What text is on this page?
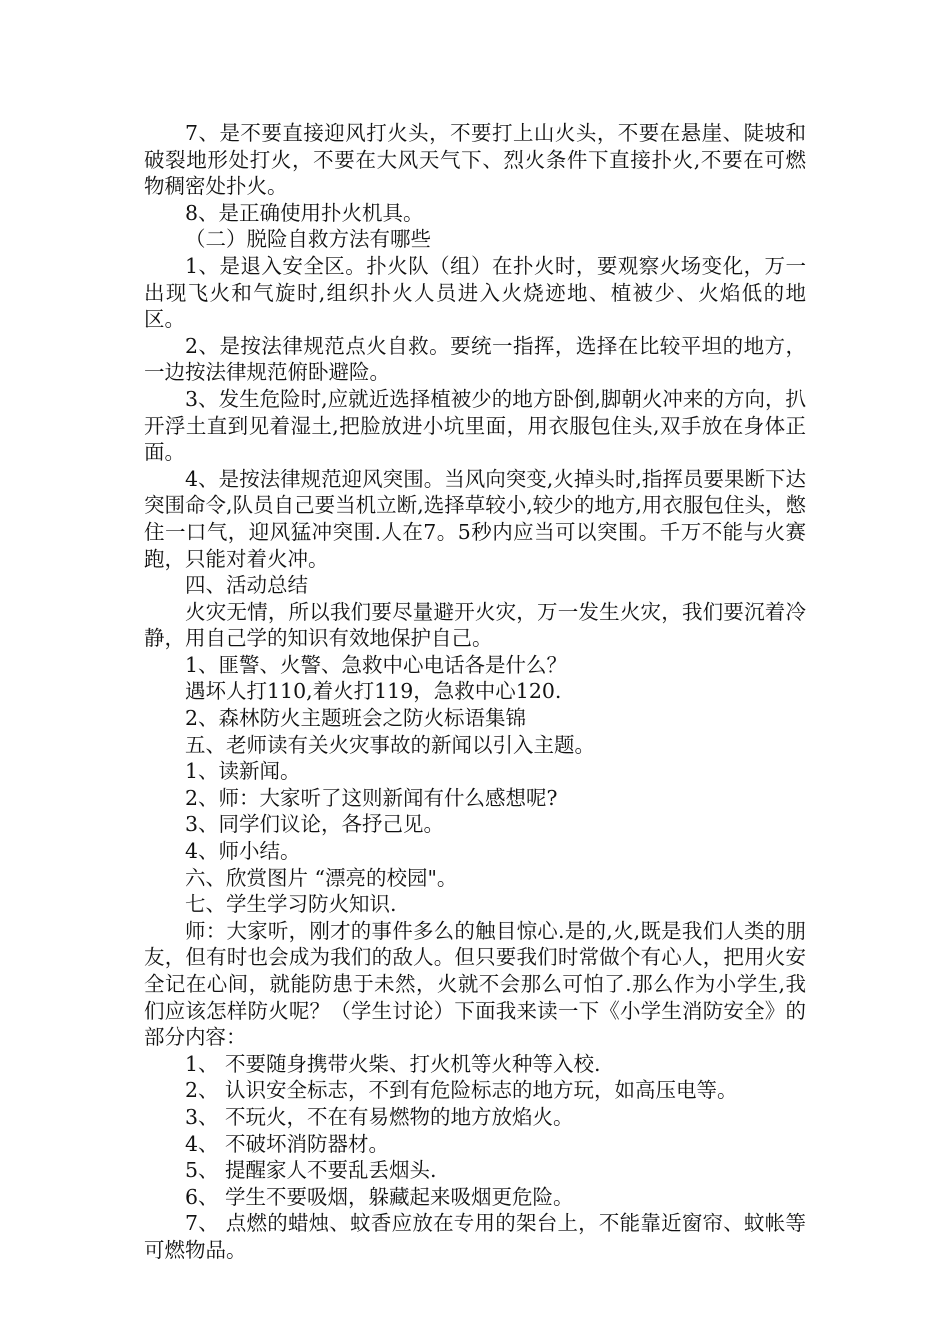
7、是不要直接迎风打火头，不要打上山火头，不要在悬崖、陡坡和破裂地形处打火，不要在大风天气下、烈火条件下直接扑火,不要在可燃物稠密处扑火。

8、是正确使用扑火机具。

（二）脱险自救方法有哪些

1、是退入安全区。扑火队（组）在扑火时，要观察火场变化，万一出现飞火和气旋时,组织扑火人员进入火烧迹地、植被少、火焰低的地区。

2、是按法律规范点火自救。要统一指挥，选择在比较平坦的地方，一边按法律规范俯卧避险。

3、发生危险时,应就近选择植被少的地方卧倒,脚朝火冲来的方向，扒开浮土直到见着湿土,把脸放进小坑里面，用衣服包住头,双手放在身体正面。

4、是按法律规范迎风突围。当风向突变,火掉头时,指挥员要果断下达突围命令,队员自己要当机立断,选择草较小,较少的地方,用衣服包住头，憋住一口气，迎风猛冲突围.人在7。5秒内应当可以突围。千万不能与火赛跑，只能对着火冲。

四、活动总结

火灾无情，所以我们要尽量避开火灾，万一发生火灾，我们要沉着冷静，用自己学的知识有效地保护自己。

1、匪警、火警、急救中心电话各是什么？

遇坏人打110,着火打119，急救中心120.

2、森林防火主题班会之防火标语集锦

五、老师读有关火灾事故的新闻以引入主题。

1、读新闻。

2、师：大家听了这则新闻有什么感想呢?

3、同学们议论，各抒己见。

4、师小结。

六、欣赏图片 “漂亮的校园"。

七、学生学习防火知识.

师：大家听，刚才的事件多么的触目惊心.是的,火,既是我们人类的朋友，但有时也会成为我们的敌人。但只要我们时常做个有心人，把用火安全记在心间，就能防患于未然，火就不会那么可怕了.那么作为小学生,我们应该怎样防火呢？（学生讨论）下面我来读一下《小学生消防安全》的部分内容：

1、 不要随身携带火柴、打火机等火种等入校.

2、 认识安全标志，不到有危险标志的地方玩，如高压电等。

3、 不玩火，不在有易燃物的地方放焰火。

4、 不破坏消防器材。

5、 提醒家人不要乱丢烟头.

6、 学生不要吸烟，躲藏起来吸烟更危险。

7、 点燃的蜡烛、蚊香应放在专用的架台上，不能靠近窗帘、蚊帐等可燃物品。
